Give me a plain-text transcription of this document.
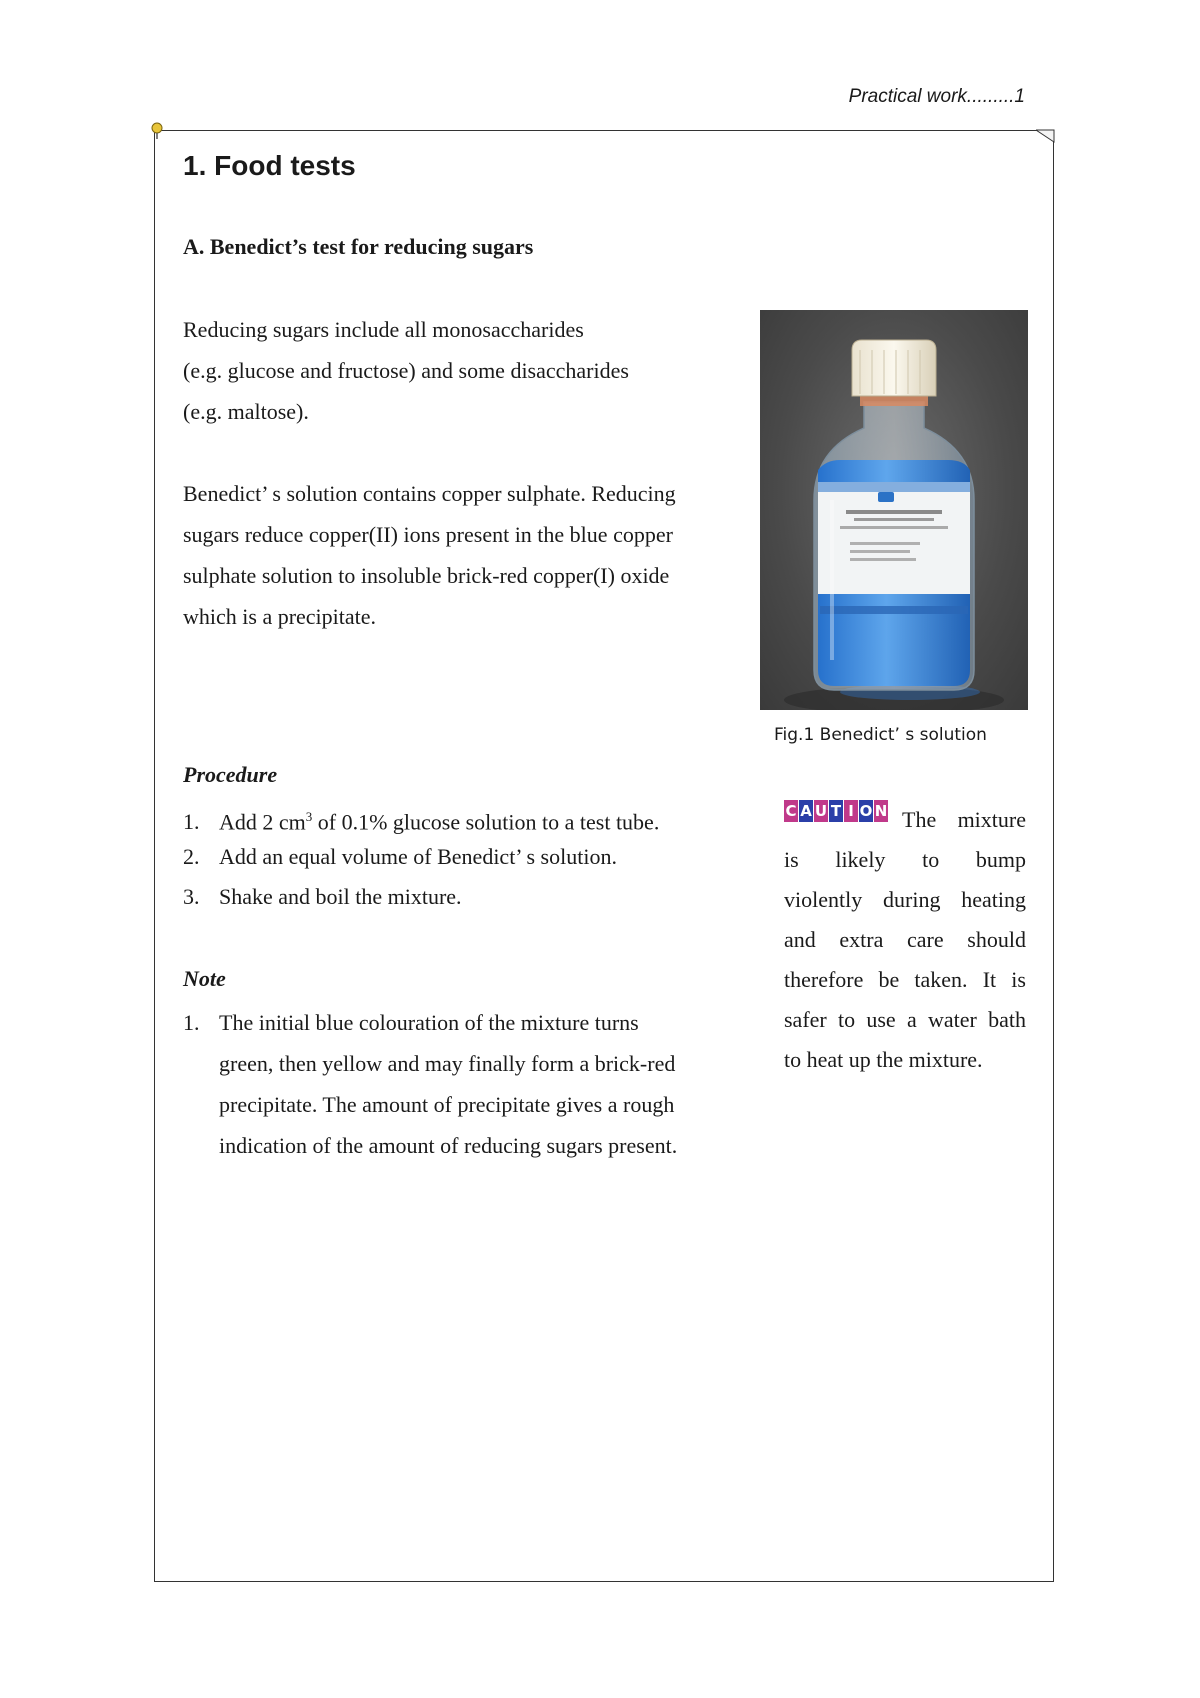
Practical work.........1
1. Food tests
A. Benedict’s test for reducing sugars
Reducing sugars include all monosaccharides
(e.g. glucose and fructose) and some disaccharides
(e.g. maltose).
Benedict’ s solution contains copper sulphate. Reducing
sugars reduce copper(II) ions present in the blue copper
sulphate solution to insoluble brick-red copper(I) oxide
which is a precipitate.
Fig.1 Benedict’ s solution
Procedure
1. Add 2 $cm^3$ of 0.1% glucose solution to a test tube.
2. Add an equal volume of Benedict’ s solution.
3. Shake and boil the mixture.
Note
1. The initial blue colouration of the mixture turns
green, then yellow and may finally form a brick-red
precipitate. The amount of precipitate gives a rough
indication of the amount of reducing sugars present.
C A U T I O N The mixture
is likely to bump
violently during heating
and extra care should
therefore be taken. It is
safer to use a water bath
to heat up the mixture.
